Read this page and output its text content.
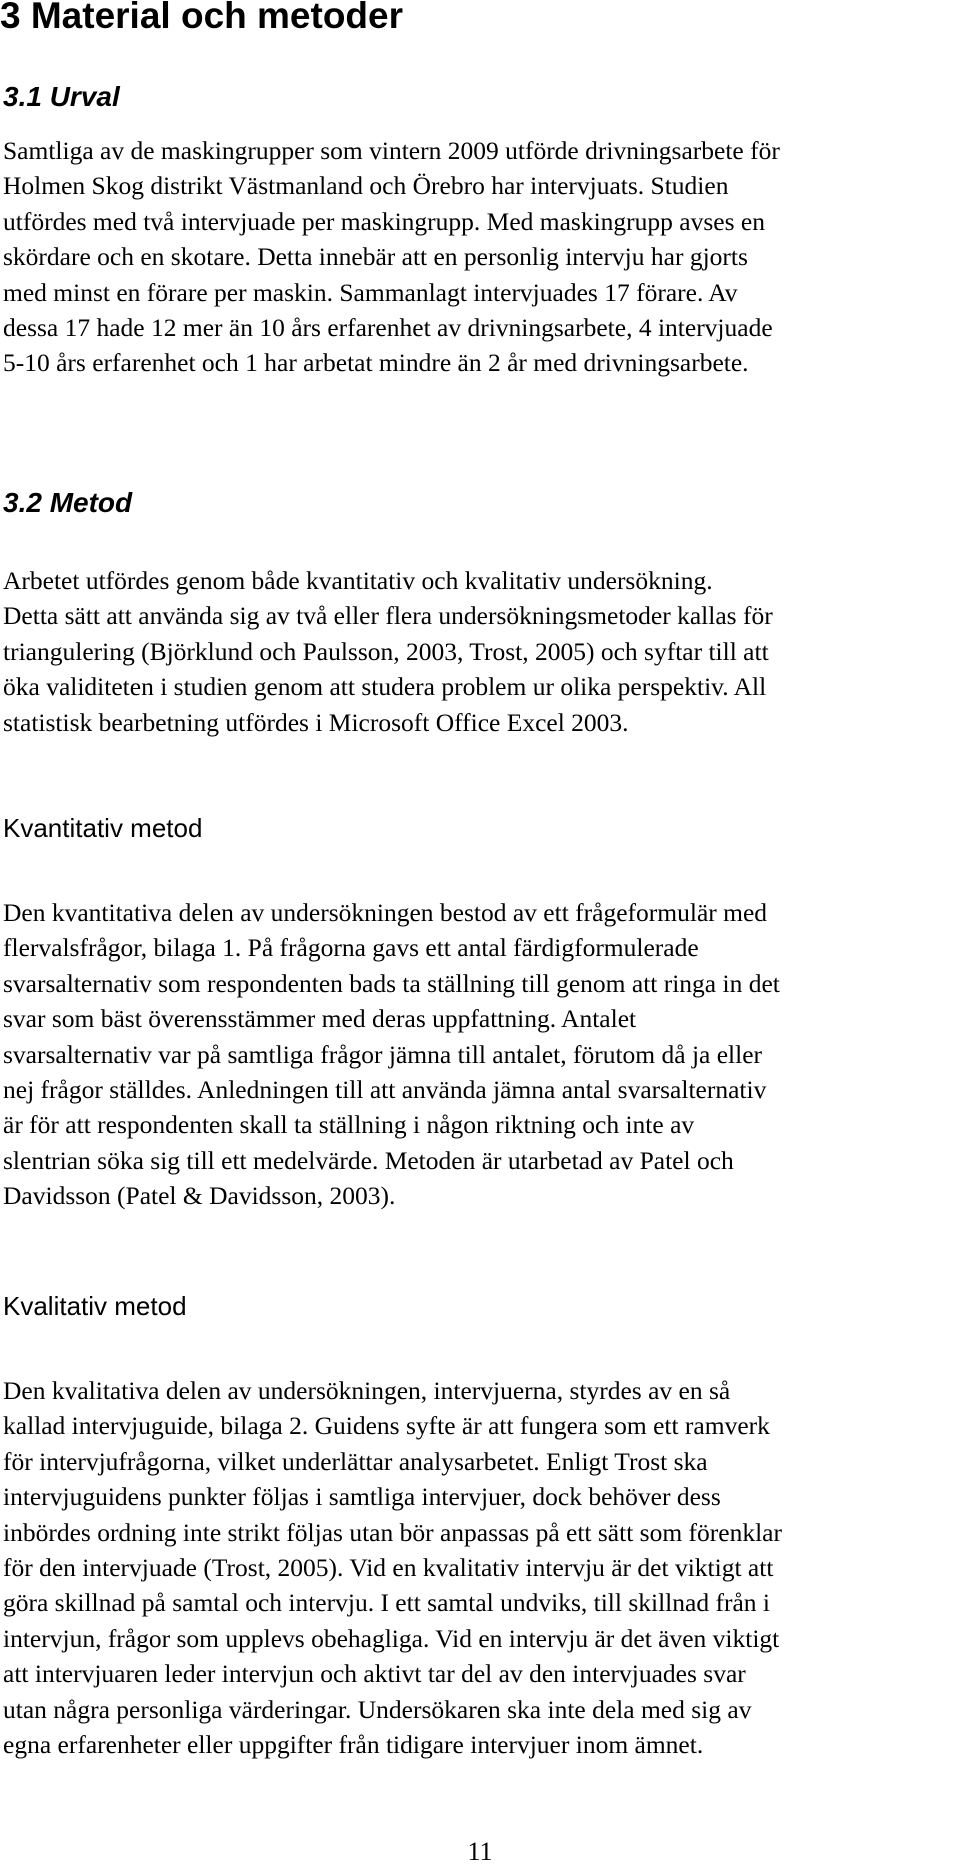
3 Material och metoder
3.1 Urval
Samtliga av de maskingrupper som vintern 2009 utförde drivningsarbete för
Holmen Skog distrikt Västmanland och Örebro har intervjuats. Studien
utfördes med två intervjuade per maskingrupp. Med maskingrupp avses en
skördare och en skotare. Detta innebär att en personlig intervju har gjorts
med minst en förare per maskin. Sammanlagt intervjuades 17 förare. Av
dessa 17 hade 12 mer än 10 års erfarenhet av drivningsarbete, 4 intervjuade
5-10 års erfarenhet och 1 har arbetat mindre än 2 år med drivningsarbete.
3.2 Metod
Arbetet utfördes genom både kvantitativ och kvalitativ undersökning.
Detta sätt att använda sig av två eller flera undersökningsmetoder kallas för
triangulering (Björklund och Paulsson, 2003, Trost, 2005) och syftar till att
öka validiteten i studien genom att studera problem ur olika perspektiv. All
statistisk bearbetning utfördes i Microsoft Office Excel 2003.
Kvantitativ metod
Den kvantitativa delen av undersökningen bestod av ett frågeformulär med
flervalsfrågor, bilaga 1. På frågorna gavs ett antal färdigformulerade
svarsalternativ som respondenten bads ta ställning till genom att ringa in det
svar som bäst överensstämmer med deras uppfattning. Antalet
svarsalternativ var på samtliga frågor jämna till antalet, förutom då ja eller
nej frågor ställdes. Anledningen till att använda jämna antal svarsalternativ
är för att respondenten skall ta ställning i någon riktning och inte av
slentrian söka sig till ett medelvärde. Metoden är utarbetad av Patel och
Davidsson (Patel & Davidsson, 2003).
Kvalitativ metod
Den kvalitativa delen av undersökningen, intervjuerna, styrdes av en så
kallad intervjuguide, bilaga 2. Guidens syfte är att fungera som ett ramverk
för intervjufrågorna, vilket underlättar analysarbetet. Enligt Trost ska
intervjuguidens punkter följas i samtliga intervjuer, dock behöver dess
inbördes ordning inte strikt följas utan bör anpassas på ett sätt som förenklar
för den intervjuade (Trost, 2005). Vid en kvalitativ intervju är det viktigt att
göra skillnad på samtal och intervju. I ett samtal undviks, till skillnad från i
intervjun, frågor som upplevs obehagliga. Vid en intervju är det även viktigt
att intervjuaren leder intervjun och aktivt tar del av den intervjuades svar
utan några personliga värderingar. Undersökaren ska inte dela med sig av
egna erfarenheter eller uppgifter från tidigare intervjuer inom ämnet.
11
